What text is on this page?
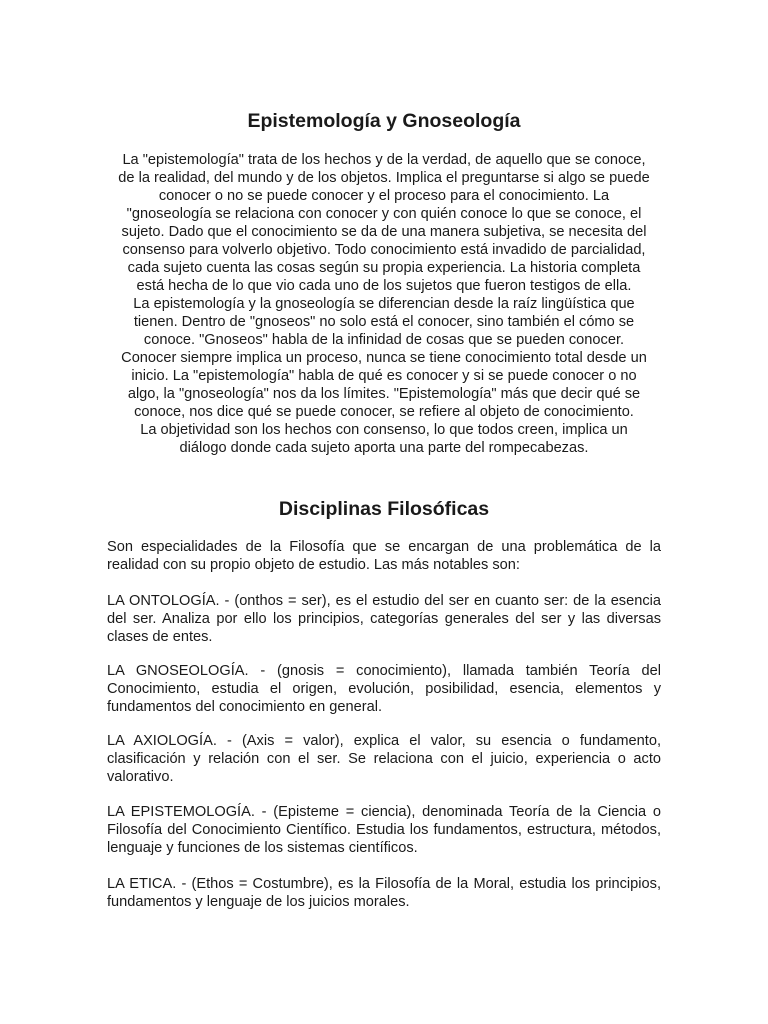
Epistemología y Gnoseología
La "epistemología" trata de los hechos y de la verdad, de aquello que se conoce,
de la realidad, del mundo y de los objetos. Implica el preguntarse si algo se puede
conocer o no se puede conocer y el proceso para el conocimiento. La
"gnoseología se relaciona con conocer y con quién conoce lo que se conoce, el
sujeto. Dado que el conocimiento se da de una manera subjetiva, se necesita del
consenso para volverlo objetivo. Todo conocimiento está invadido de parcialidad,
cada sujeto cuenta las cosas según su propia experiencia. La historia completa
está hecha de lo que vio cada uno de los sujetos que fueron testigos de ella.
La epistemología y la gnoseología se diferencian desde la raíz lingüística que
tienen. Dentro de "gnoseos" no solo está el conocer, sino también el cómo se
conoce. "Gnoseos" habla de la infinidad de cosas que se pueden conocer.
Conocer siempre implica un proceso, nunca se tiene conocimiento total desde un
inicio. La "epistemología" habla de qué es conocer y si se puede conocer o no
algo, la "gnoseología" nos da los límites. "Epistemología" más que decir qué se
conoce, nos dice qué se puede conocer, se refiere al objeto de conocimiento.
La objetividad son los hechos con consenso, lo que todos creen, implica un
diálogo donde cada sujeto aporta una parte del rompecabezas.
Disciplinas Filosóficas

Son especialidades de la Filosofía que se encargan de una problemática de la realidad con su propio objeto de estudio. Las más notables son:

LA ONTOLOGÍA. - (onthos = ser), es el estudio del ser en cuanto ser: de la esencia del ser. Analiza por ello los principios, categorías generales del ser y las diversas clases de entes.

LA GNOSEOLOGÍA. - (gnosis = conocimiento), llamada también Teoría del Conocimiento, estudia el origen, evolución, posibilidad, esencia, elementos y fundamentos del conocimiento en general.

LA AXIOLOGÍA. - (Axis = valor), explica el valor, su esencia o fundamento, clasificación y relación con el ser. Se relaciona con el juicio, experiencia o acto valorativo.

LA EPISTEMOLOGÍA. - (Episteme = ciencia), denominada Teoría de la Ciencia o Filosofía del Conocimiento Científico. Estudia los fundamentos, estructura, métodos, lenguaje y funciones de los sistemas científicos.

LA ETICA. - (Ethos = Costumbre), es la Filosofía de la Moral, estudia los principios, fundamentos y lenguaje de los juicios morales.
